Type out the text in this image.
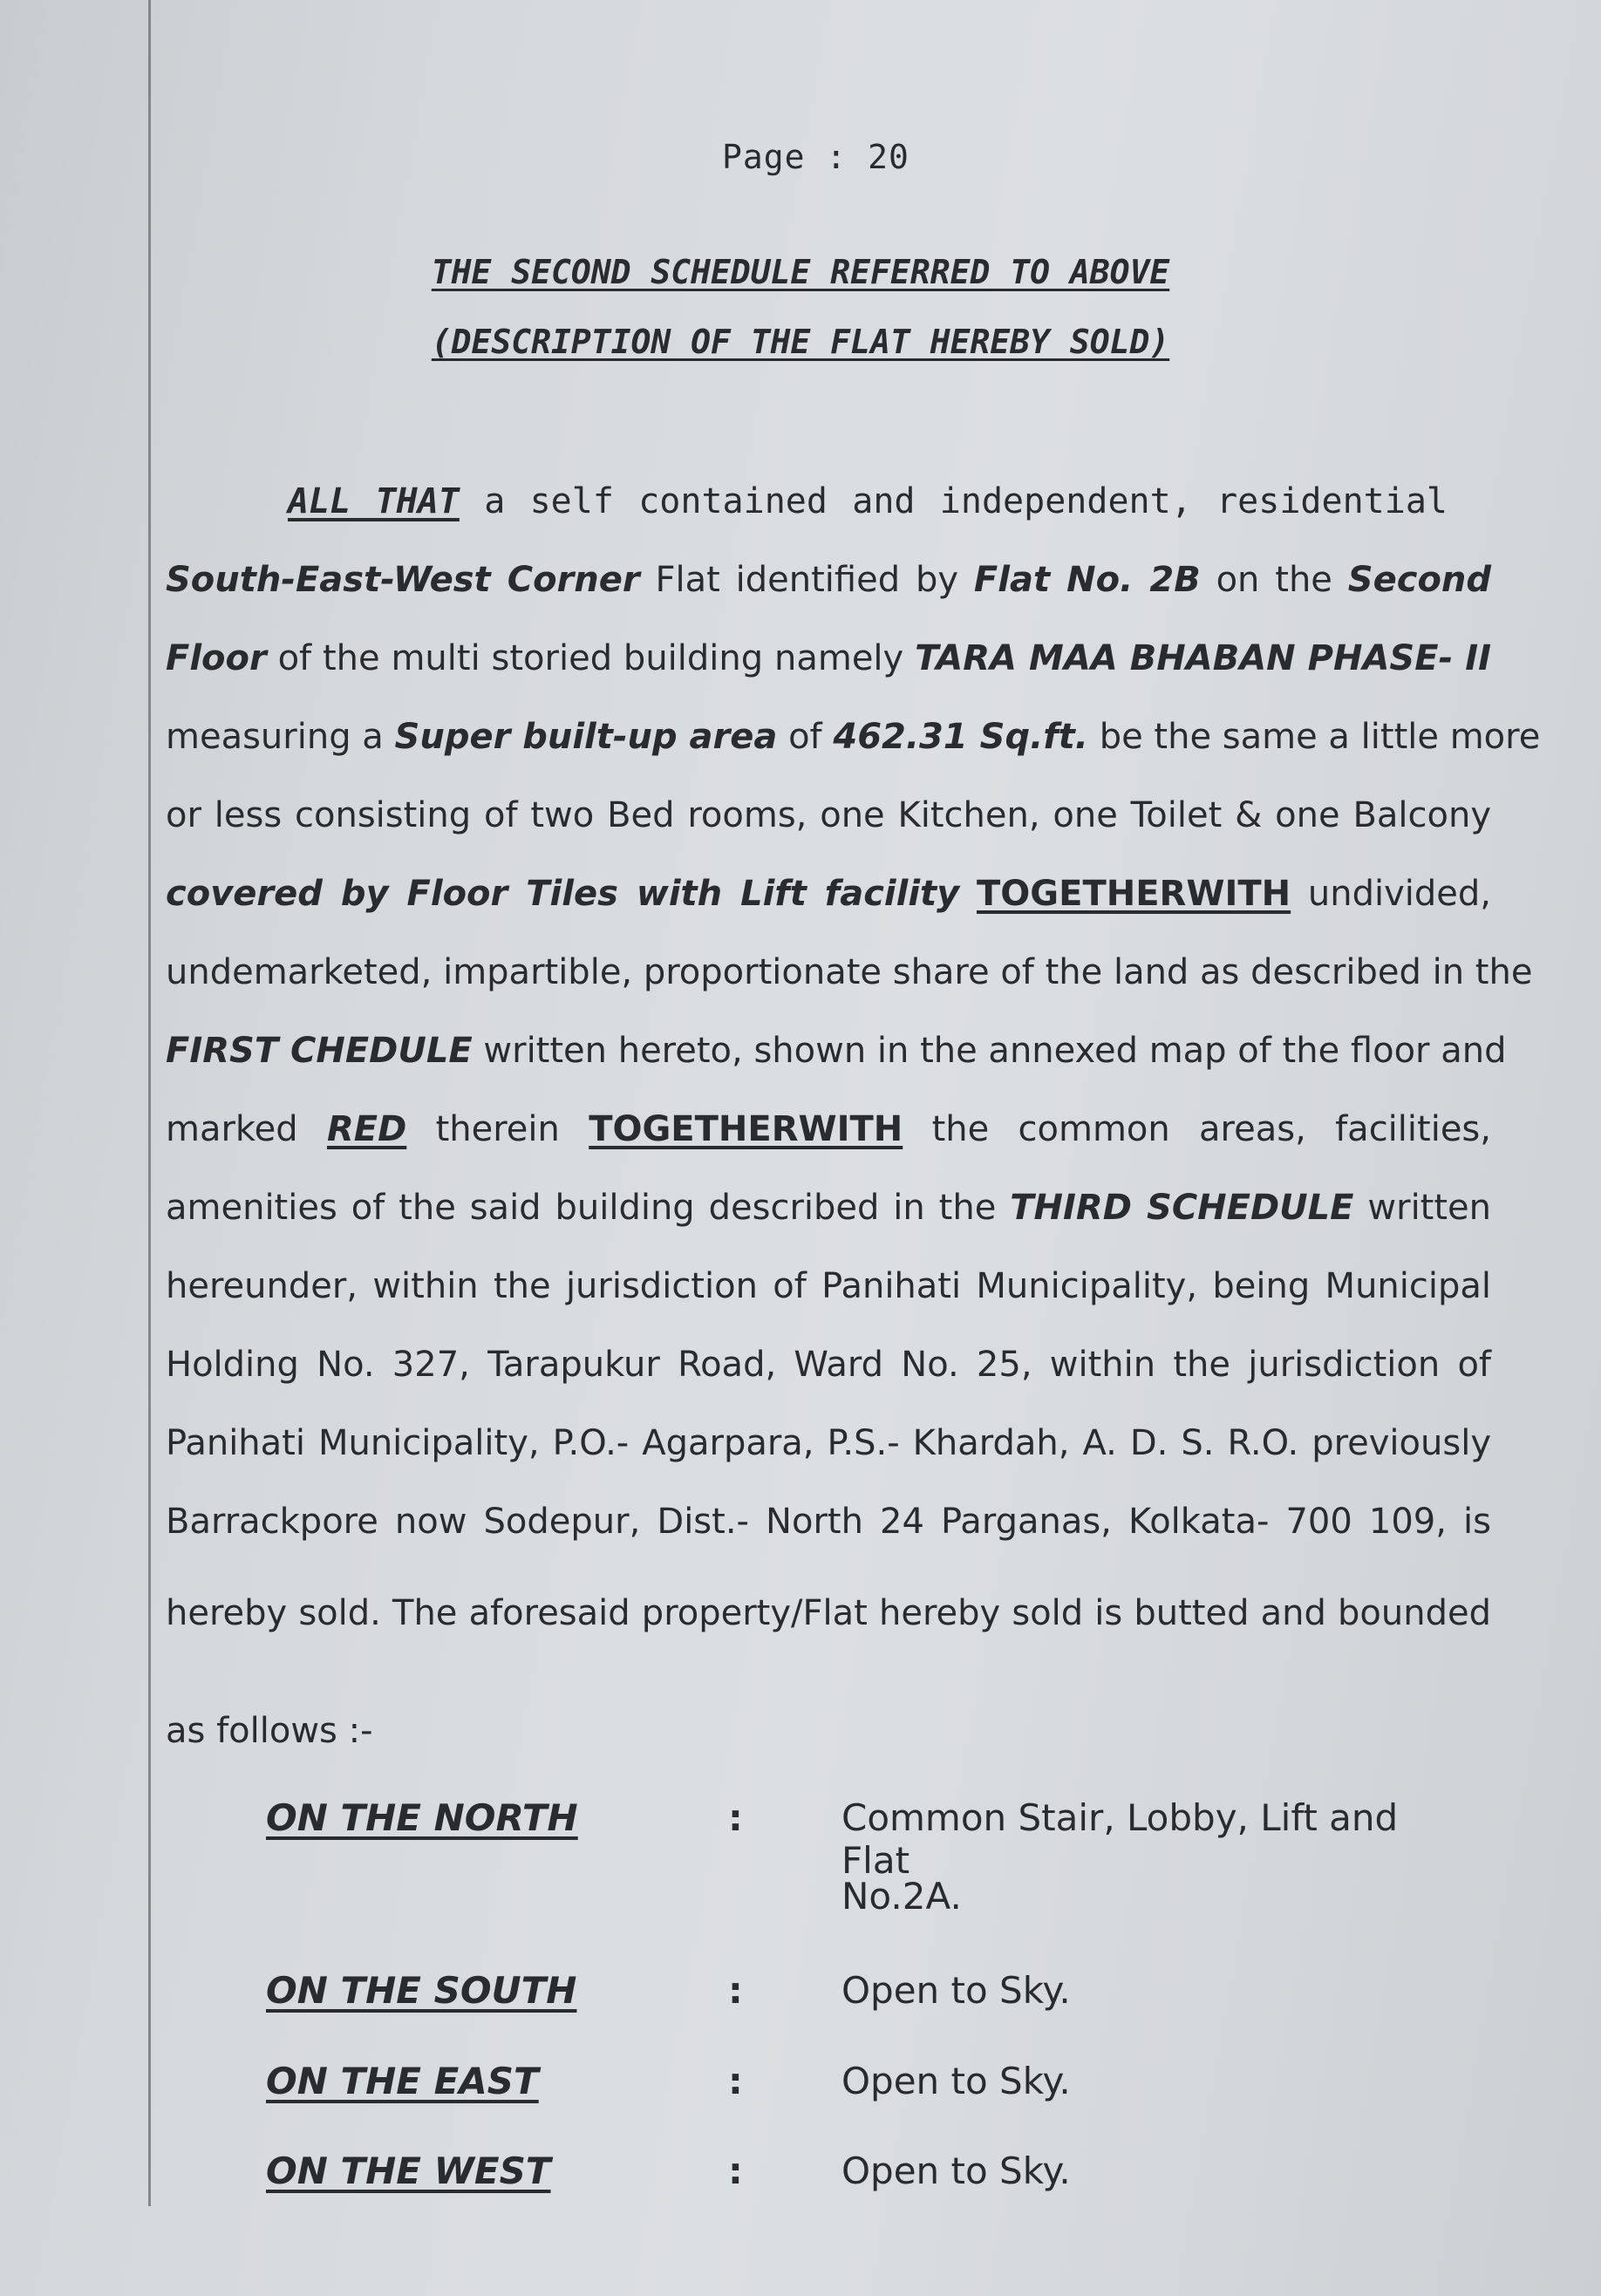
Page : 20
THE SECOND SCHEDULE REFERRED TO ABOVE
(DESCRIPTION OF THE FLAT HEREBY SOLD)
ALL THAT a self contained and independent, residential
South-East-West Corner Flat identified by Flat No. 2B on the Second
Floor of the multi storied building namely TARA MAA BHABAN PHASE- II
measuring a Super built-up area of 462.31 Sq.ft. be the same a little more
or less consisting of two Bed rooms, one Kitchen, one Toilet & one Balcony
covered by Floor Tiles with Lift facility TOGETHERWITH undivided,
undemarketed, impartible, proportionate share of the land as described in the
FIRST CHEDULE written hereto, shown in the annexed map of the floor and
marked RED therein TOGETHERWITH the common areas, facilities,
amenities of the said building described in the THIRD SCHEDULE written
hereunder, within the jurisdiction of Panihati Municipality, being Municipal
Holding No. 327, Tarapukur Road, Ward No. 25, within the jurisdiction of
Panihati Municipality, P.O.- Agarpara, P.S.- Khardah, A. D. S. R.O. previously
Barrackpore now Sodepur, Dist.- North 24 Parganas, Kolkata- 700 109, is
hereby sold. The aforesaid property/Flat hereby sold is butted and bounded
as follows :-
ON THE NORTH	:	Common Stair, Lobby, Lift and Flat
No.2A.
ON THE SOUTH	:	Open to Sky.
ON THE EAST	:	Open to Sky.
ON THE WEST	:	Open to Sky.
